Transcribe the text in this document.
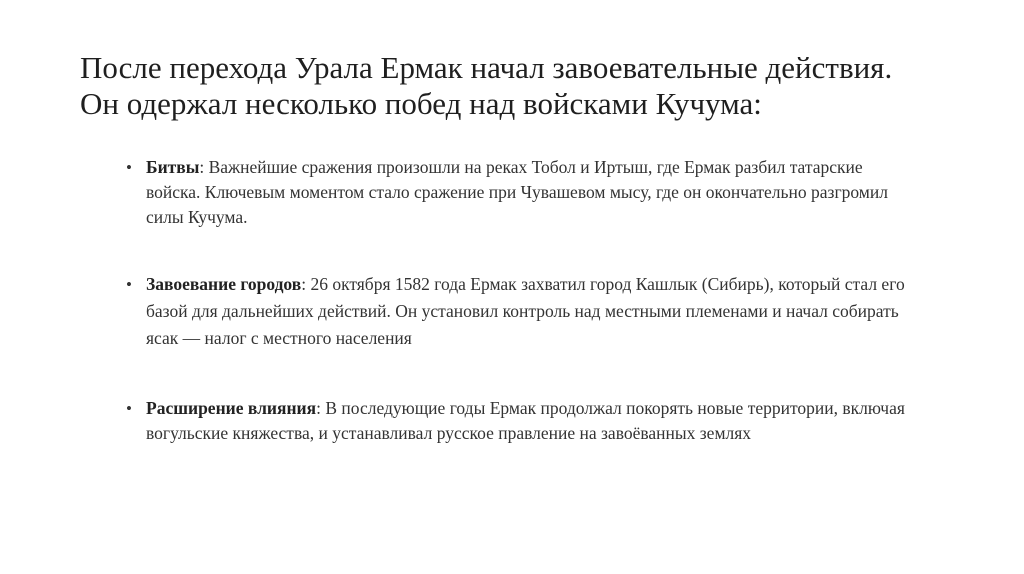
После перехода Урала Ермак начал завоевательные действия.
Он одержал несколько побед над войсками Кучума:
• Битвы: Важнейшие сражения произошли на реках Тобол и Иртыш, где Ермак разбил татарские войска. Ключевым моментом стало сражение при Чувашевом мысу, где он окончательно разгромил силы Кучума.
• Завоевание городов: 26 октября 1582 года Ермак захватил город Кашлык (Сибирь), который стал его базой для дальнейших действий. Он установил контроль над местными племенами и начал собирать ясак — налог с местного населения
• Расширение влияния: В последующие годы Ермак продолжал покорять новые территории, включая вогульские княжества, и устанавливал русское правление на завоёванных землях
